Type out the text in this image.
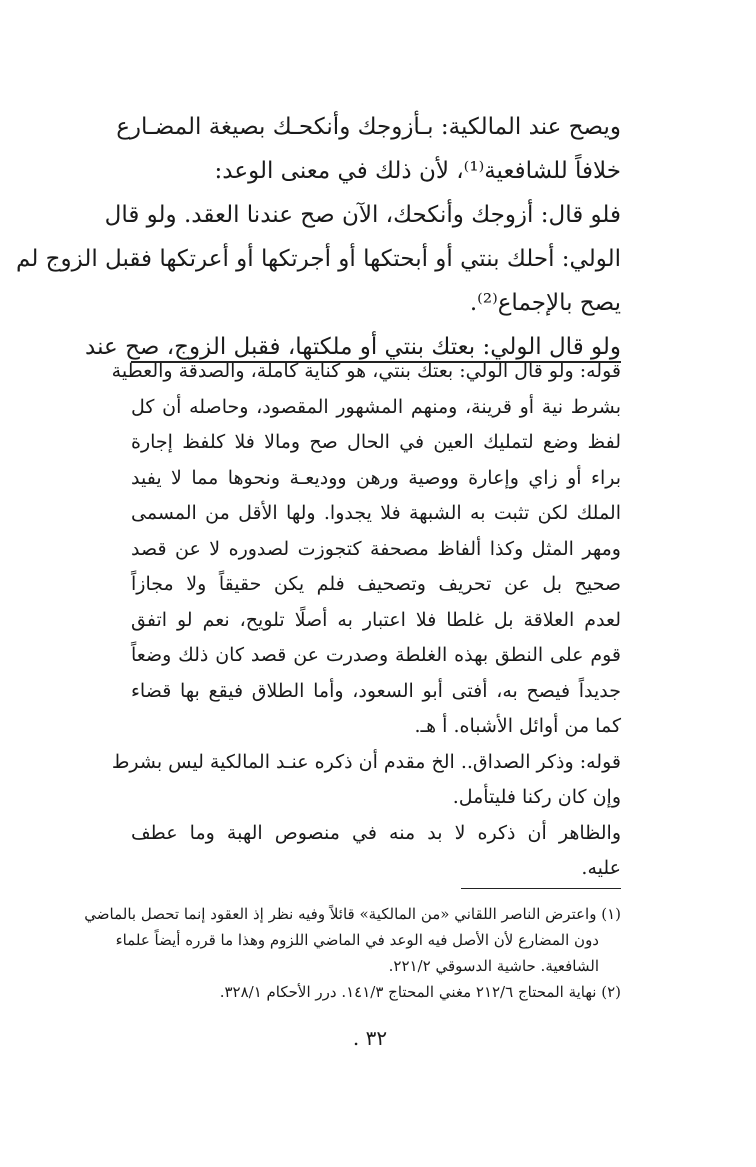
ويصح عند المالكية: بـأزوجك وأنكحـك بصيغة المضـارع
خلافاً للشافعية⁽¹⁾، لأن ذلك في معنى الوعد:
فلو قال: أزوجك وأنكحك، الآن صح عندنا العقد. ولو قال
الولي: أحلك بنتي أو أبحتكها أو أجرتكها أو أعرتكها فقبل الزوج لم
يصح بالإجماع⁽²⁾.
ولو قال الولي: بعتك بنتي أو ملكتها، فقبل الزوج، صح عند
قوله: ولو قال الولي: بعتك بنتي، هو كناية كاملة، والصدقة والعطية
بشرط نية أو قرينة، ومنهم المشهور المقصود، وحاصله أن كل
لفظ وضع لتمليك العين في الحال صح ومالا فلا كلفظ إجارة
براء أو زاي وإعارة ووصية ورهن ووديعـة ونحوها مما لا يفيد
الملك لكن تثبت به الشبهة فلا يجدوا. ولها الأقل من المسمى
ومهر المثل وكذا ألفاظ مصحفة كتجوزت لصدوره لا عن قصد
صحيح بل عن تحريف وتصحيف فلم يكن حقيقاً ولا مجازاً
لعدم العلاقة بل غلطا فلا اعتبار به أصلًا تلويح، نعم لو اتفق
قوم على النطق بهذه الغلطة وصدرت عن قصد كان ذلك وضعاً
جديداً فيصح به، أفتى أبو السعود، وأما الطلاق فيقع بها قضاء
كما من أوائل الأشباه. أ هـ.
قوله: وذكر الصداق.. الخ مقدم أن ذكره عنـد المالكية ليس بشرط
وإن كان ركنا فليتأمل.
والظاهر أن ذكره لا بد منه في منصوص الهبة وما عطف
عليه.
(١) واعترض الناصر اللقاني «من المالكية» قائلاً وفيه نظر إذ العقود إنما تحصل بالماضي
دون المضارع لأن الأصل فيه الوعد في الماضي اللزوم وهذا ما قرره أيضاً علماء
الشافعية. حاشية الدسوقي ٢٢١/٢.
(٢) نهاية المحتاج ٢١٢/٦ مغني المحتاج ١٤١/٣. درر الأحكام ٣٢٨/١.
٣٢ .
